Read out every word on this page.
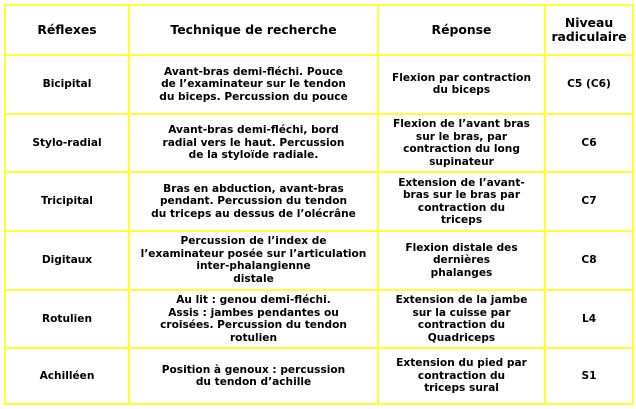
Réflexes	Technique de recherche	Réponse	Niveau
radiculaire
Bicipital	Avant-bras demi-fléchi. Pouce
de l’examinateur sur le tendon
du biceps. Percussion du pouce	Flexion par contraction
du biceps	C5 (C6)
Stylo-radial	Avant-bras demi-fléchi, bord
radial vers le haut. Percussion
de la styloïde radiale.	Flexion de l’avant bras
sur le bras, par
contraction du long
supinateur	C6
Tricipital	Bras en abduction, avant-bras
pendant. Percussion du tendon
du triceps au dessus de l’olécrâne	Extension de l’avant-
bras sur le bras par
contraction du
triceps	C7
Digitaux	Percussion de l’index de
l’examinateur posée sur l’articulation
inter-phalangienne
distale	Flexion distale des
dernières
phalanges	C8
Rotulien	Au lit : genou demi-fléchi.
Assis : jambes pendantes ou
croisées. Percussion du tendon
rotulien	Extension de la jambe
sur la cuisse par
contraction du
Quadriceps	L4
Achilléen	Position à genoux : percussion
du tendon d’achille	Extension du pied par
contraction du
triceps sural	S1
